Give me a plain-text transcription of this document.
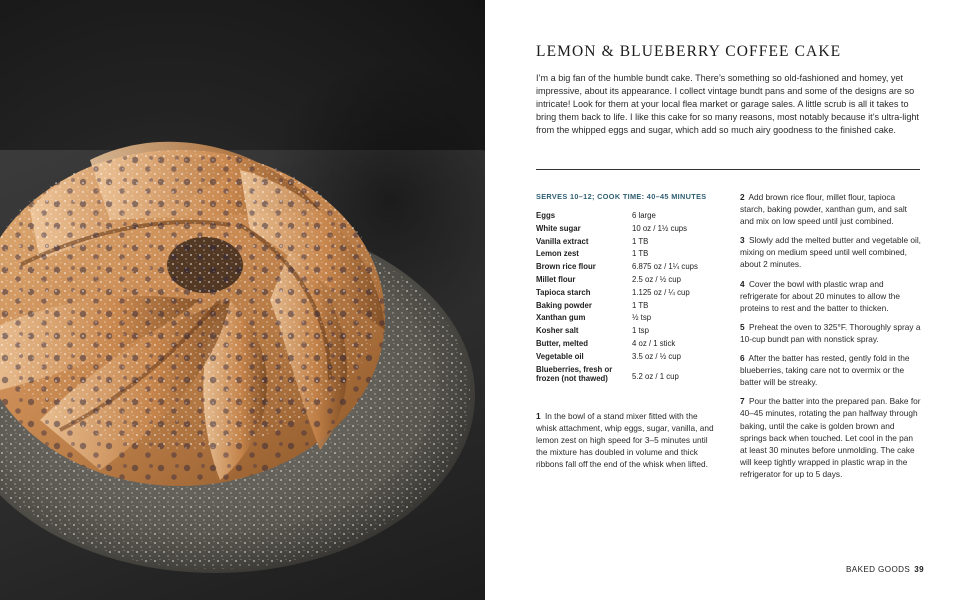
LEMON & BLUEBERRY COFFEE CAKE

I’m a big fan of the humble bundt cake. There’s something so old-fashioned and homey, yet impressive, about its appearance. I collect vintage bundt pans and some of the designs are so intricate! Look for them at your local flea market or garage sales. A little scrub is all it takes to bring them back to life. I like this cake for so many reasons, most notably because it’s ultra-light from the whipped eggs and sugar, which add so much airy goodness to the finished cake.

SERVES 10–12; COOK TIME: 40–45 MINUTES

Eggs	6 large
White sugar	10 oz / 1½ cups
Vanilla extract	1 TB
Lemon zest	1 TB
Brown rice flour	6.875 oz / 1¼ cups
Millet flour	2.5 oz / ½ cup
Tapioca starch	1.125 oz / ¼ cup
Baking powder	1 TB
Xanthan gum	½ tsp
Kosher salt	1 tsp
Butter, melted	4 oz / 1 stick
Vegetable oil	3.5 oz / ½ cup
Blueberries, fresh or frozen (not thawed)	5.2 oz / 1 cup

1 In the bowl of a stand mixer fitted with the whisk attachment, whip eggs, sugar, vanilla, and lemon zest on high speed for 3–5 minutes until the mixture has doubled in volume and thick ribbons fall off the end of the whisk when lifted.

2 Add brown rice flour, millet flour, tapioca starch, baking powder, xanthan gum, and salt and mix on low speed until just combined.

3 Slowly add the melted butter and vegetable oil, mixing on medium speed until well combined, about 2 minutes.

4 Cover the bowl with plastic wrap and refrigerate for about 20 minutes to allow the proteins to rest and the batter to thicken.

5 Preheat the oven to 325°F. Thoroughly spray a 10-cup bundt pan with nonstick spray.

6 After the batter has rested, gently fold in the blueberries, taking care not to overmix or the batter will be streaky.

7 Pour the batter into the prepared pan. Bake for 40–45 minutes, rotating the pan halfway through baking, until the cake is golden brown and springs back when touched. Let cool in the pan at least 30 minutes before unmolding. The cake will keep tightly wrapped in plastic wrap in the refrigerator for up to 5 days.

BAKED GOODS 39
